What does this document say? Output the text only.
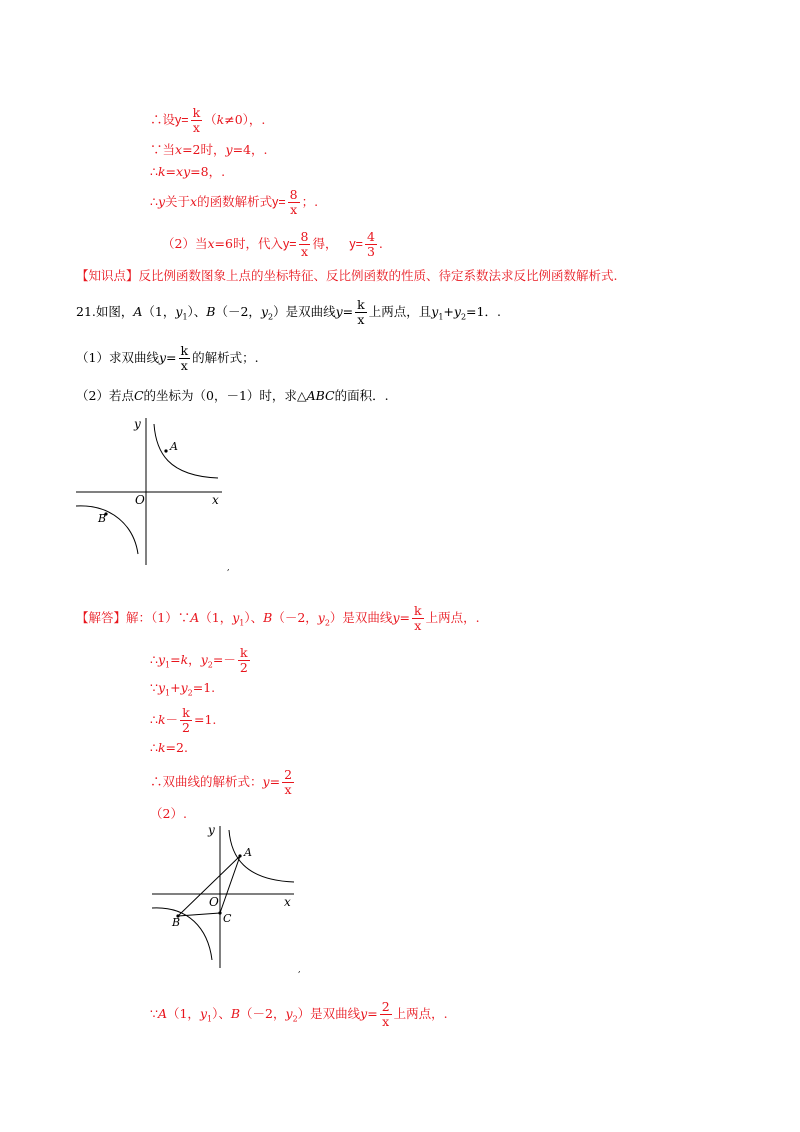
∴设$y= \frac{k}{x} (k\ne 0)$，.
∵当x=2时，y=4，.
∴k=xy=8，.
∴y关于x的函数解析式$y= \frac{8}{x}$ ；.
（2）当x=6时，代入$y= \frac{8}{x}$ 得， $y= \frac{4}{3}$ .
【知识点】反比例函数图象上点的坐标特征、反比例函数的性质、待定系数法求反比例函数解析式.
21.如图，A（1，$y_1$）、B（－2，$y_2$）是双曲线$y= \frac{k}{x}$ 上两点，且$y_1+y_2=1$．.
（1）求双曲线$y= \frac{k}{x}$ 的解析式；.
（2）若点C的坐标为（0，－1）时，求△ABC的面积．.
y
x
O
A
B
,
【解答】解：（1）∵A（1，$y_1$）、B（－2，$y_2$）是双曲线$y= \frac{k}{x}$ 上两点，.
$\therefore y_1=k$，$y_2=- \frac{k}{2}$
$\because y_1+y_2=1$.
∴k－ $\frac{k}{2} =1$.
∴k=2.
∴双曲线的解析式：$y= \frac{2}{x}$
（2）.
y
x
O
A
B	C
,
∵A（1，$y_1$）、B（－2，$y_2$）是双曲线$y= \frac{2}{x}$ 上两点，.
